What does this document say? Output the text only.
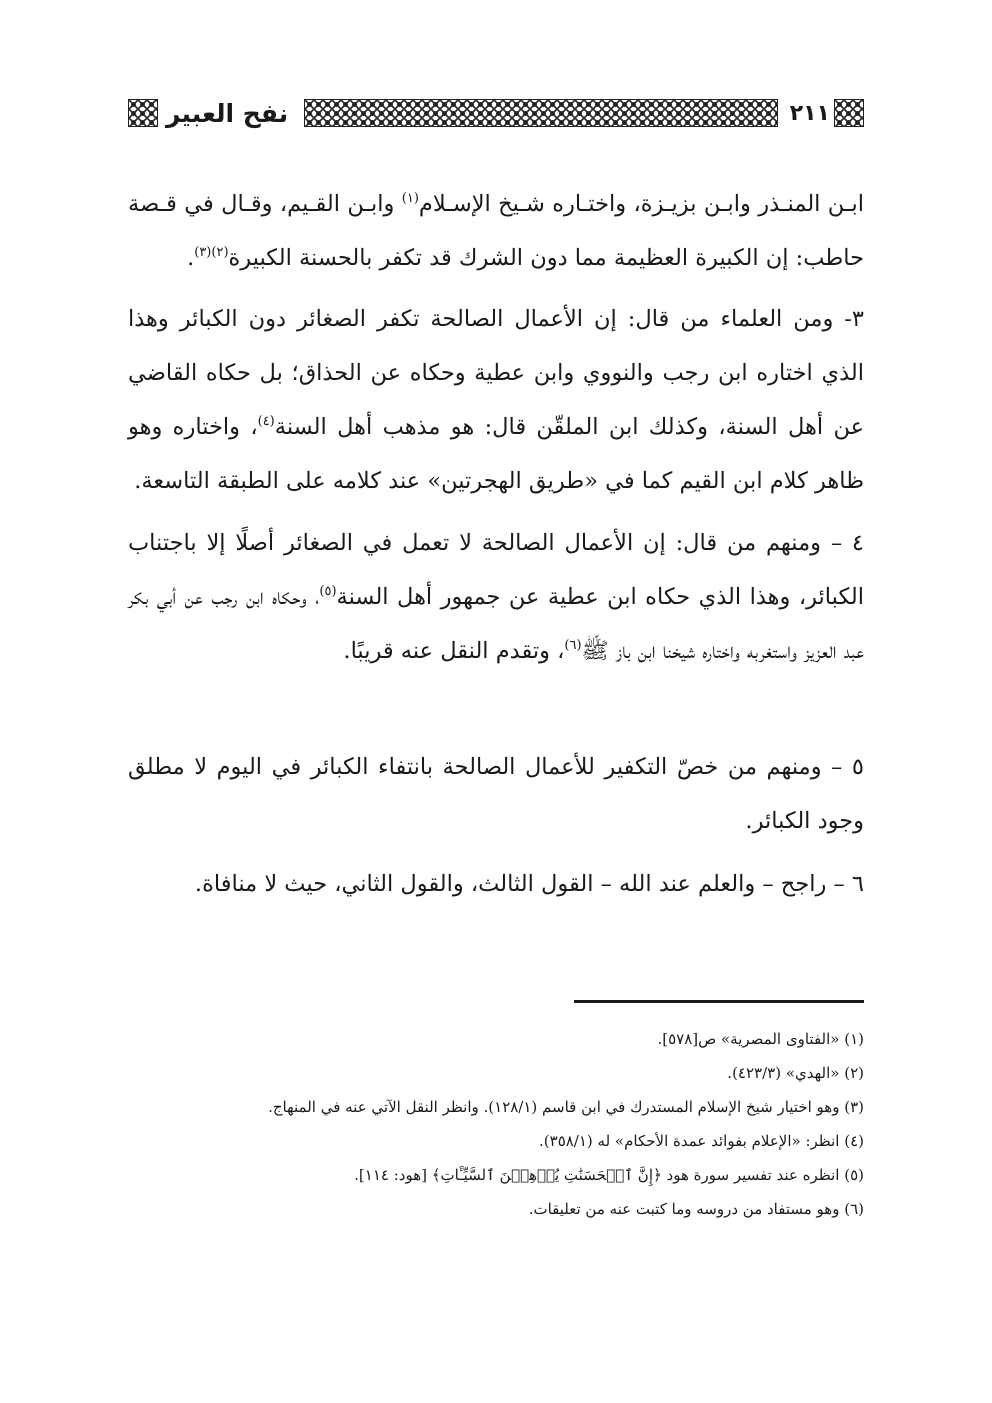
٢١١
نفح العبير

ابـن المنـذر وابـن بزيـزة، واختـاره شـيخ الإسـلام$^{(١)}$ وابـن القـيم، وقـال في قـصة حاطب: إن الكبيرة العظيمة مما دون الشرك قد تكفر بالحسنة الكبيرة$^{(٢)(٣)}$.

٣- ومن العلماء من قال: إن الأعمال الصالحة تكفر الصغائر دون الكبائر وهذا الذي اختاره ابن رجب والنووي وابن عطية وحكاه عن الحذاق؛ بل حكاه القاضي عن أهل السنة، وكذلك ابن الملقّن قال: هو مذهب أهل السنة$^{(٤)}$، واختاره وهو ظاهر كلام ابن القيم كما في «طريق الهجرتين» عند كلامه على الطبقة التاسعة.

٤ – ومنهم من قال: إن الأعمال الصالحة لا تعمل في الصغائر أصلًا إلا باجتناب الكبائر، وهذا الذي حكاه ابن عطية عن جمهور أهل السنة$^{(٥)}$، وحكاه ابن رجب عن أبي بكر عبد العزيز واستغربه واختاره شيخنا ابن باز ﷺ$^{(٦)}$، وتقدم النقل عنه قريبًا.

٥ – ومنهم من خصّ التكفير للأعمال الصالحة بانتفاء الكبائر في اليوم لا مطلق وجود الكبائر.

٦ – راجح – والعلم عند الله – القول الثالث، والقول الثاني، حيث لا منافاة.

(١) «الفتاوى المصرية» ص[٥٧٨].
(٢) «الهدي» (٤٢٣/٣).
(٣) وهو اختيار شيخ الإسلام المستدرك في ابن قاسم (١٢٨/١). وانظر النقل الآتي عنه في المنهاج.
(٤) انظر: «الإعلام بفوائد عمدة الأحكام» له (٣٥٨/١).
(٥) انظره عند تفسير سورة هود ﴿إِنَّ ٱلۡحَسَنَٰتِ يُذۡهِبۡنَ ٱلسَّيِّـَٔاتِ﴾ [هود: ١١٤].
(٦) وهو مستفاد من دروسه وما كتبت عنه من تعليقات.
